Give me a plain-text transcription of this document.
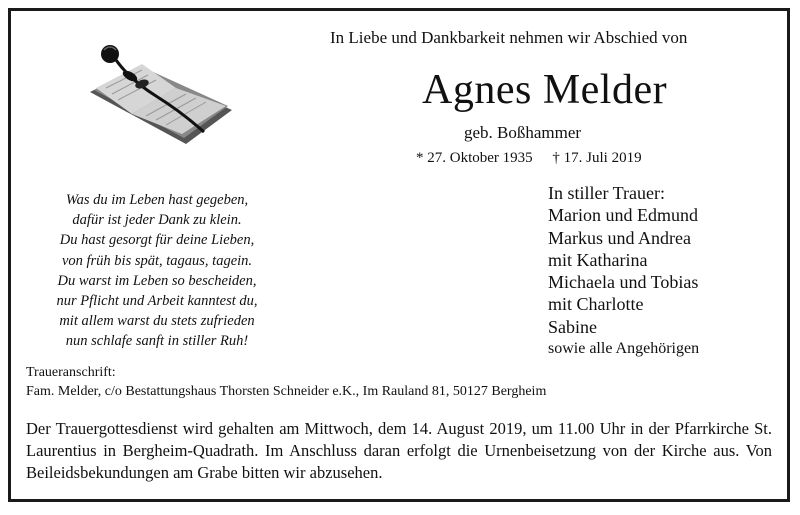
In Liebe und Dankbarkeit nehmen wir Abschied von
Agnes Melder
geb. Boßhammer
* 27. Oktober 1935 † 17. Juli 2019
Was du im Leben hast gegeben,
dafür ist jeder Dank zu klein.
Du hast gesorgt für deine Lieben,
von früh bis spät, tagaus, tagein.
Du warst im Leben so bescheiden,
nur Pflicht und Arbeit kanntest du,
mit allem warst du stets zufrieden
nun schlafe sanft in stiller Ruh!
In stiller Trauer:
Marion und Edmund
Markus und Andrea
mit Katharina
Michaela und Tobias
mit Charlotte
Sabine
sowie alle Angehörigen
Traueranschrift:
Fam. Melder, c/o Bestattungshaus Thorsten Schneider e.K., Im Rauland 81, 50127 Bergheim
Der Trauergottesdienst wird gehalten am Mittwoch, dem 14. August 2019, um 11.00 Uhr in der Pfarrkirche St. Laurentius in Bergheim-Quadrath. Im Anschluss daran erfolgt die Urnenbeisetzung von der Kirche aus. Von Beileidsbekundungen am Grabe bitten wir abzusehen.
